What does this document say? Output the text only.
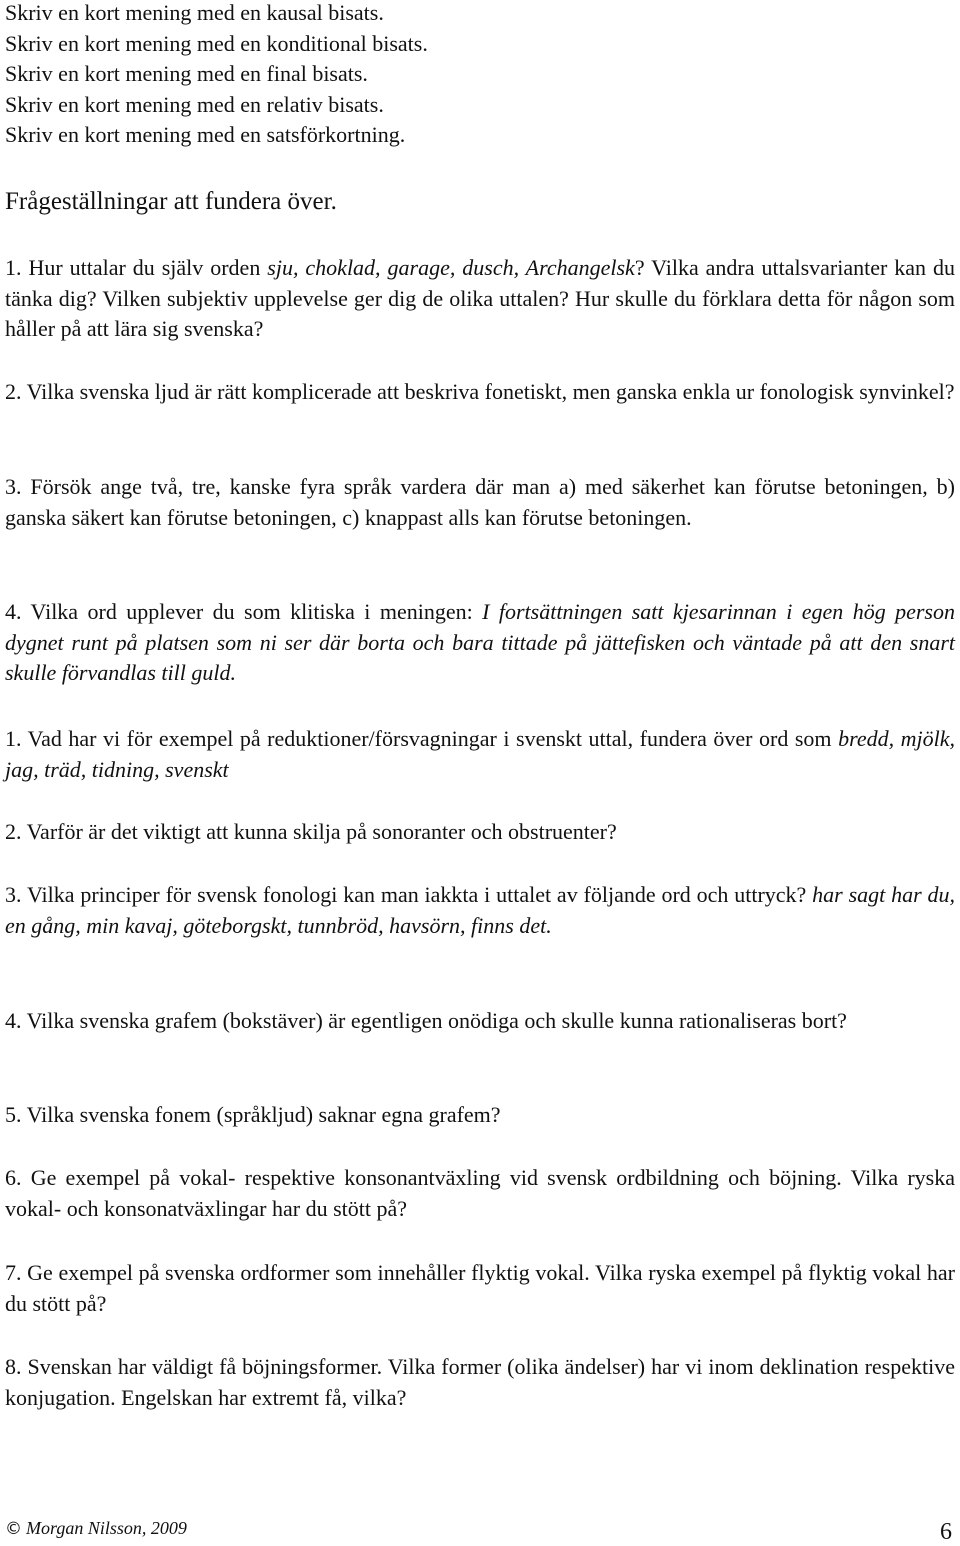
Skriv en kort mening med en kausal bisats.
Skriv en kort mening med en konditional bisats.
Skriv en kort mening med en final bisats.
Skriv en kort mening med en relativ bisats.
Skriv en kort mening med en satsförkortning.
Frågeställningar att fundera över.
1. Hur uttalar du själv orden sju, choklad, garage, dusch, Archangelsk? Vilka andra uttalsvarianter kan du tänka dig? Vilken subjektiv upplevelse ger dig de olika uttalen? Hur skulle du förklara detta för någon som håller på att lära sig svenska?
2. Vilka svenska ljud är rätt komplicerade att beskriva fonetiskt, men ganska enkla ur fonologisk synvinkel?
3. Försök ange två, tre, kanske fyra språk vardera där man a) med säkerhet kan förutse betoningen, b) ganska säkert kan förutse betoningen, c) knappast alls kan förutse betoningen.
4. Vilka ord upplever du som klitiska i meningen: I fortsättningen satt kjesarinnan i egen hög person dygnet runt på platsen som ni ser där borta och bara tittade på jättefisken och väntade på att den snart skulle förvandlas till guld.
1. Vad har vi för exempel på reduktioner/försvagningar i svenskt uttal, fundera över ord som bredd, mjölk, jag, träd, tidning, svenskt
2. Varför är det viktigt att kunna skilja på sonoranter och obstruenter?
3. Vilka principer för svensk fonologi kan man iakkta i uttalet av följande ord och uttryck? har sagt har du, en gång, min kavaj, göteborgskt, tunnbröd, havsörn, finns det.
4. Vilka svenska grafem (bokstäver) är egentligen onödiga och skulle kunna rationaliseras bort?
5. Vilka svenska fonem (språkljud) saknar egna grafem?
6. Ge exempel på vokal- respektive konsonantväxling vid svensk ordbildning och böjning. Vilka ryska vokal- och konsonatväxlingar har du stött på?
7. Ge exempel på svenska ordformer som innehåller flyktig vokal. Vilka ryska exempel på flyktig vokal har du stött på?
8. Svenskan har väldigt få böjningsformer. Vilka former (olika ändelser) har vi inom deklination respektive konjugation. Engelskan har extremt få, vilka?
© Morgan Nilsson, 2009	6
